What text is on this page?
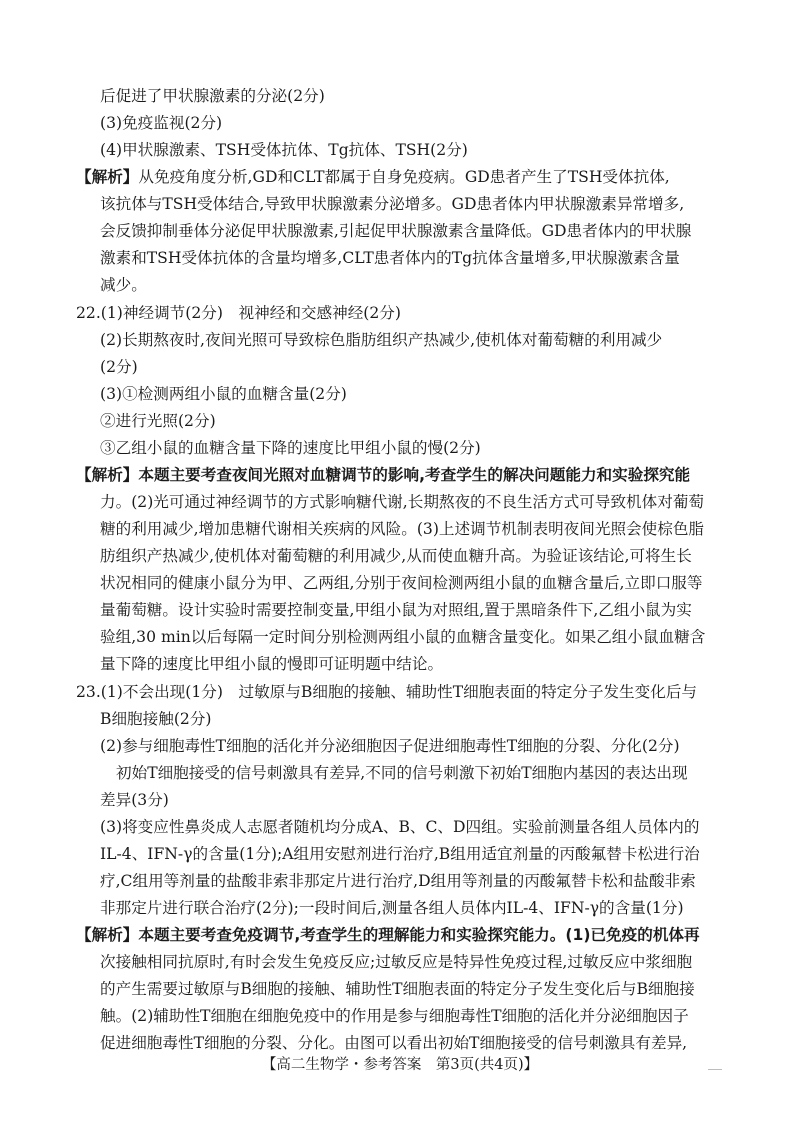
后促进了甲状腺激素的分泌(2分)
(3)免疫监视(2分)
(4)甲状腺激素、TSH受体抗体、Tg抗体、TSH(2分)
【解析】从免疫角度分析,GD和CLT都属于自身免疫病。GD患者产生了TSH受体抗体,
该抗体与TSH受体结合,导致甲状腺激素分泌增多。GD患者体内甲状腺激素异常增多,
会反馈抑制垂体分泌促甲状腺激素,引起促甲状腺激素含量降低。GD患者体内的甲状腺
激素和TSH受体抗体的含量均增多,CLT患者体内的Tg抗体含量增多,甲状腺激素含量
减少。
22.(1)神经调节(2分)　视神经和交感神经(2分)
(2)长期熬夜时,夜间光照可导致棕色脂肪组织产热减少,使机体对葡萄糖的利用减少
(2分)
(3)①检测两组小鼠的血糖含量(2分)
②进行光照(2分)
③乙组小鼠的血糖含量下降的速度比甲组小鼠的慢(2分)
【解析】本题主要考查夜间光照对血糖调节的影响,考查学生的解决问题能力和实验探究能
力。(2)光可通过神经调节的方式影响糖代谢,长期熬夜的不良生活方式可导致机体对葡萄
糖的利用减少,增加患糖代谢相关疾病的风险。(3)上述调节机制表明夜间光照会使棕色脂
肪组织产热减少,使机体对葡萄糖的利用减少,从而使血糖升高。为验证该结论,可将生长
状况相同的健康小鼠分为甲、乙两组,分别于夜间检测两组小鼠的血糖含量后,立即口服等
量葡萄糖。设计实验时需要控制变量,甲组小鼠为对照组,置于黑暗条件下,乙组小鼠为实
验组,30 min以后每隔一定时间分别检测两组小鼠的血糖含量变化。如果乙组小鼠血糖含
量下降的速度比甲组小鼠的慢即可证明题中结论。
23.(1)不会出现(1分)　过敏原与B细胞的接触、辅助性T细胞表面的特定分子发生变化后与
B细胞接触(2分)
(2)参与细胞毒性T细胞的活化并分泌细胞因子促进细胞毒性T细胞的分裂、分化(2分)
初始T细胞接受的信号刺激具有差异,不同的信号刺激下初始T细胞内基因的表达出现
差异(3分)
(3)将变应性鼻炎成人志愿者随机均分成A、B、C、D四组。实验前测量各组人员体内的
IL-4、IFN-γ的含量(1分);A组用安慰剂进行治疗,B组用适宜剂量的丙酸氟替卡松进行治
疗,C组用等剂量的盐酸非索非那定片进行治疗,D组用等剂量的丙酸氟替卡松和盐酸非索
非那定片进行联合治疗(2分);一段时间后,测量各组人员体内IL-4、IFN-γ的含量(1分)
【解析】本题主要考查免疫调节,考查学生的理解能力和实验探究能力。(1)已免疫的机体再
次接触相同抗原时,有时会发生免疫反应;过敏反应是特异性免疫过程,过敏反应中浆细胞
的产生需要过敏原与B细胞的接触、辅助性T细胞表面的特定分子发生变化后与B细胞接
触。(2)辅助性T细胞在细胞免疫中的作用是参与细胞毒性T细胞的活化并分泌细胞因子
促进细胞毒性T细胞的分裂、分化。由图可以看出初始T细胞接受的信号刺激具有差异,
【高二生物学・参考答案　第3页(共4页)】
